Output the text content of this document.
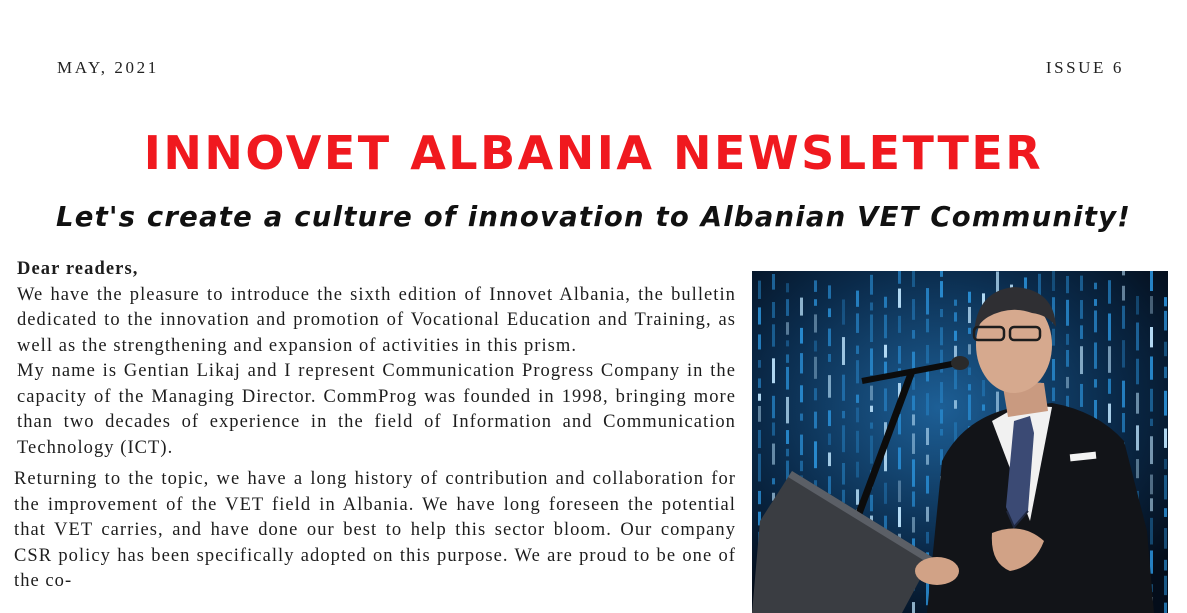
MAY, 2021	ISSUE 6
INNOVET ALBANIA NEWSLETTER
Let's create a culture of innovation to Albanian VET Community!

Dear readers,

We have the pleasure to introduce the sixth edition of Innovet Albania, the bulletin dedicated to the innovation and promotion of Vocational Education and Training, as well as the strengthening and expansion of activities in this prism.

My name is Gentian Likaj and I represent Communication Progress Company in the capacity of the Managing Director. CommProg was founded in 1998, bringing more than two decades of experience in the field of Information and Communication Technology (ICT).

Returning to the topic, we have a long history of contribution and collaboration for the improvement of the VET field in Albania. We have long foreseen the potential that VET carries, and have done our best to help this sector bloom. Our company CSR policy has been specifically adopted on this purpose. We are proud to be one of the co-
